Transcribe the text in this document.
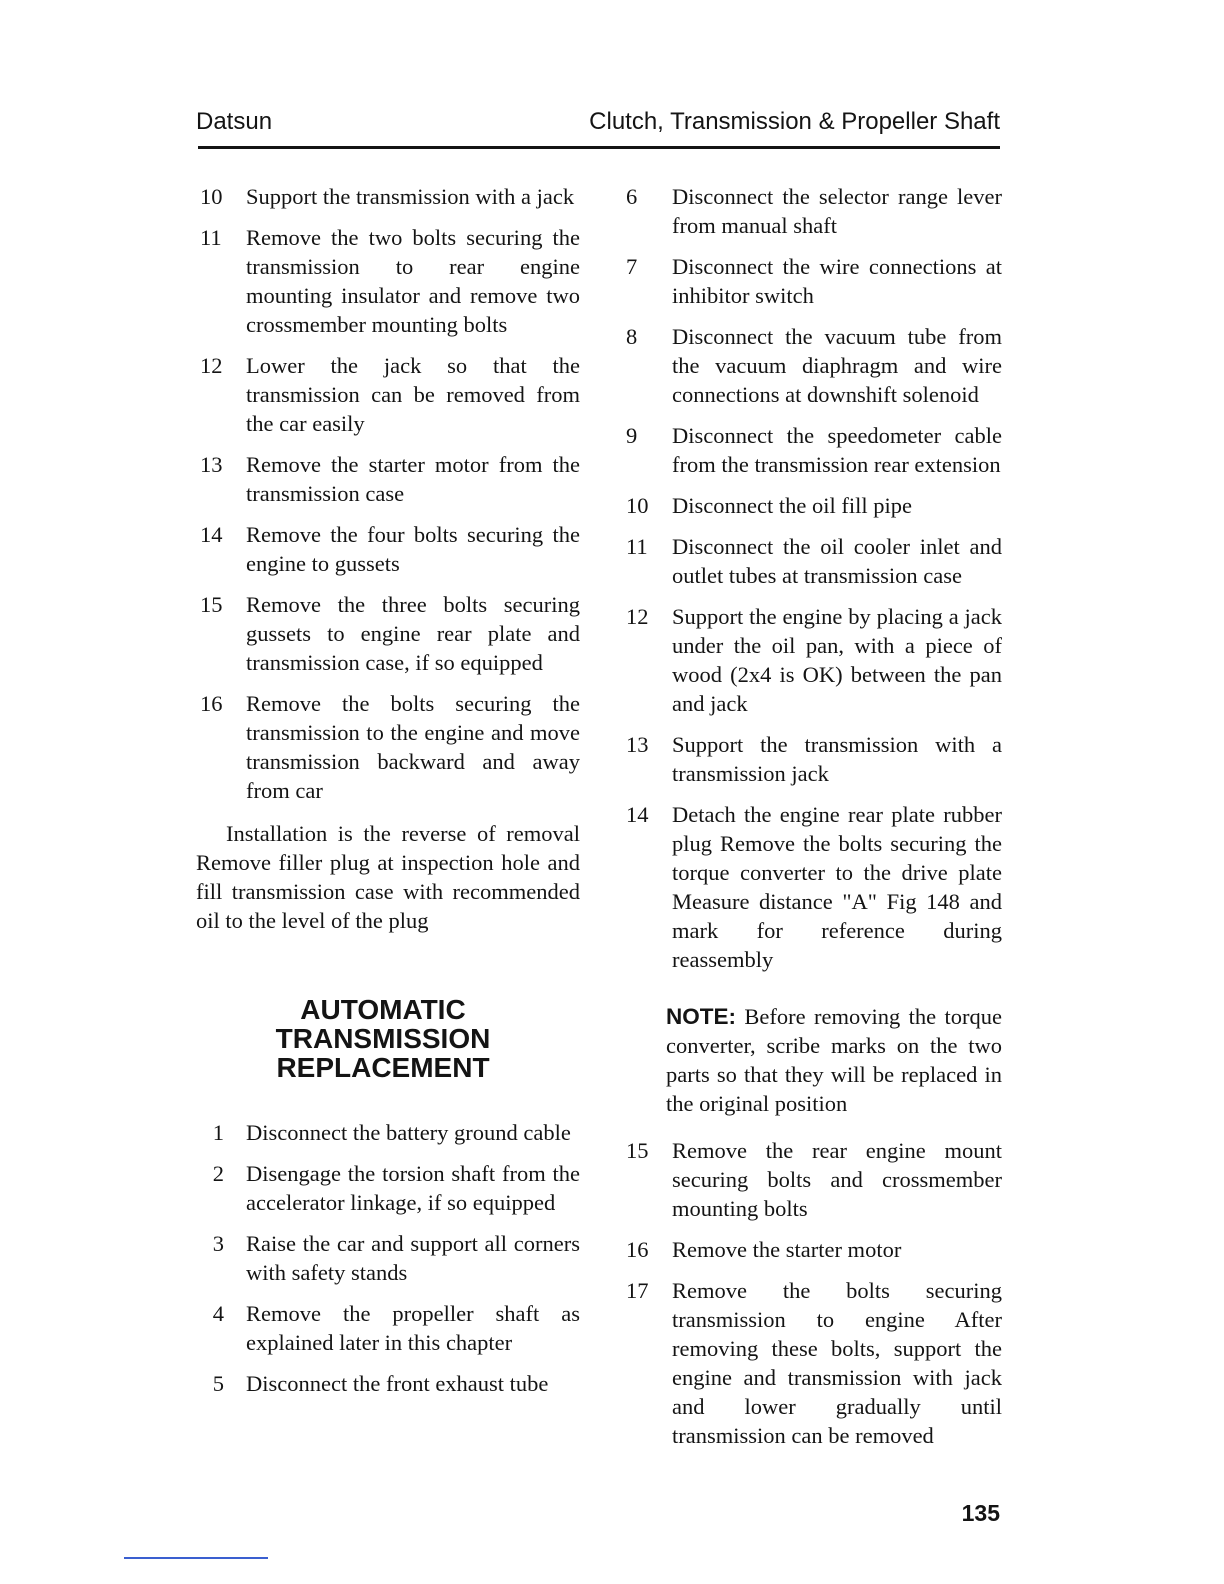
Datsun	Clutch, Transmission & Propeller Shaft
10	Support the transmission with a jack
11	Remove the two bolts securing the transmission to rear engine mounting insulator and remove two crossmember mounting bolts
12	Lower the jack so that the transmission can be removed from the car easily
13	Remove the starter motor from the transmission case
14	Remove the four bolts securing the engine to gussets
15	Remove the three bolts securing gussets to engine rear plate and transmission case, if so equipped
16	Remove the bolts securing the transmission to the engine and move transmission backward and away from car
Installation is the reverse of removal Remove filler plug at inspection hole and fill transmission case with recommended oil to the level of the plug
AUTOMATIC
TRANSMISSION
REPLACEMENT
1 Disconnect the battery ground cable
2 Disengage the torsion shaft from the accelerator linkage, if so equipped
3 Raise the car and support all corners with safety stands
4 Remove the propeller shaft as explained later in this chapter
5 Disconnect the front exhaust tube
6	Disconnect the selector range lever from manual shaft
7	Disconnect the wire connections at inhibitor switch
8	Disconnect the vacuum tube from the vacuum diaphragm and wire connections at downshift solenoid
9	Disconnect the speedometer cable from the transmission rear extension
10	Disconnect the oil fill pipe
11	Disconnect the oil cooler inlet and outlet tubes at transmission case
12	Support the engine by placing a jack under the oil pan, with a piece of wood (2x4 is OK) between the pan and jack
13	Support the transmission with a transmission jack
14	Detach the engine rear plate rubber plug Remove the bolts securing the torque converter to the drive plate Measure distance "A" Fig 148 and mark for reference during reassembly
NOTE: Before removing the torque converter, scribe marks on the two parts so that they will be replaced in the original position
15	Remove the rear engine mount securing bolts and crossmember mounting bolts
16	Remove the starter motor
17	Remove the bolts securing transmission to engine After removing these bolts, support the engine and transmission with jack and lower gradually until transmission can be removed
135
